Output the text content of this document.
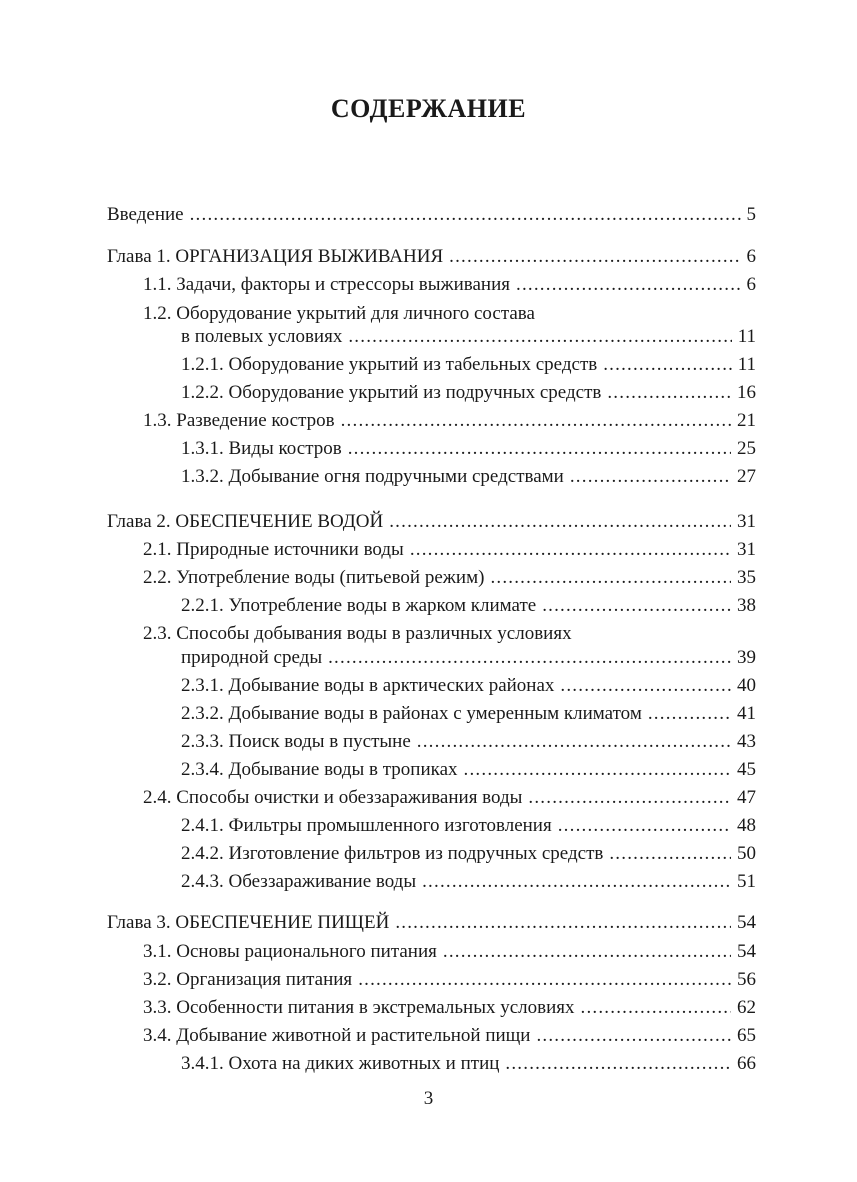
СОДЕРЖАНИЕ
Введение .....	5
Глава 1. ОРГАНИЗАЦИЯ ВЫЖИВАНИЯ .....	6
1.1. Задачи, факторы и стрессоры выживания .....	6
1.2. Оборудование укрытий для личного состава
в полевых условиях .....	11
1.2.1. Оборудование укрытий из табельных средств .....	11
1.2.2. Оборудование укрытий из подручных средств .....	16
1.3. Разведение костров .....	21
1.3.1. Виды костров .....	25
1.3.2. Добывание огня подручными средствами .....	27
Глава 2. ОБЕСПЕЧЕНИЕ ВОДОЙ .....	31
2.1. Природные источники воды .....	31
2.2. Употребление воды (питьевой режим) .....	35
2.2.1. Употребление воды в жарком климате .....	38
2.3. Способы добывания воды в различных условиях
природной среды .....	39
2.3.1. Добывание воды в арктических районах .....	40
2.3.2. Добывание воды в районах с умеренным климатом .....	41
2.3.3. Поиск воды в пустыне .....	43
2.3.4. Добывание воды в тропиках .....	45
2.4. Способы очистки и обеззараживания воды .....	47
2.4.1. Фильтры промышленного изготовления .....	48
2.4.2. Изготовление фильтров из подручных средств .....	50
2.4.3. Обеззараживание воды .....	51
Глава 3. ОБЕСПЕЧЕНИЕ ПИЩЕЙ .....	54
3.1. Основы рационального питания .....	54
3.2. Организация питания .....	56
3.3. Особенности питания в экстремальных условиях .....	62
3.4. Добывание животной и растительной пищи .....	65
3.4.1. Охота на диких животных и птиц .....	66
3
